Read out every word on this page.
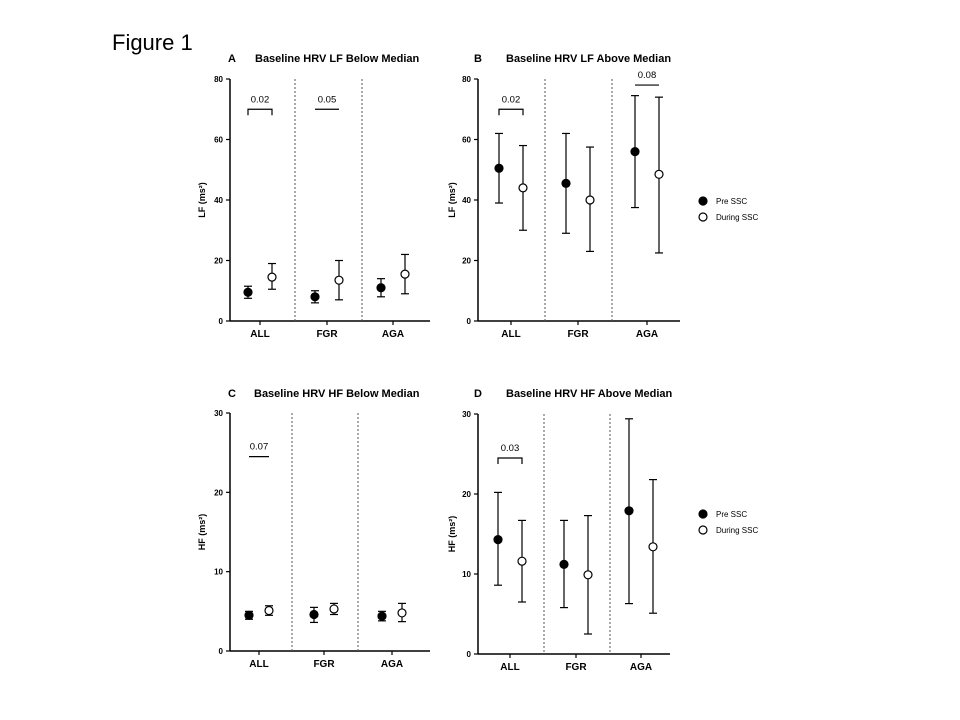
Figure 1
A Baseline HRV LF Below Median
0
20
40
60
80
LF (ms²)
ALL	FGR	AGA
0.02	0.05
B Baseline HRV LF Above Median
0
20
40
60
80
LF (ms²)
ALL	FGR	AGA
0.02
0.08
Pre SSC
During SSC
C Baseline HRV HF Below Median
0
10
20
30
HF (ms²)
ALL	FGR	AGA
0.07
D Baseline HRV HF Above Median
0
10
20
30
HF (ms²)
ALL	FGR	AGA
0.03
Pre SSC
During SSC
